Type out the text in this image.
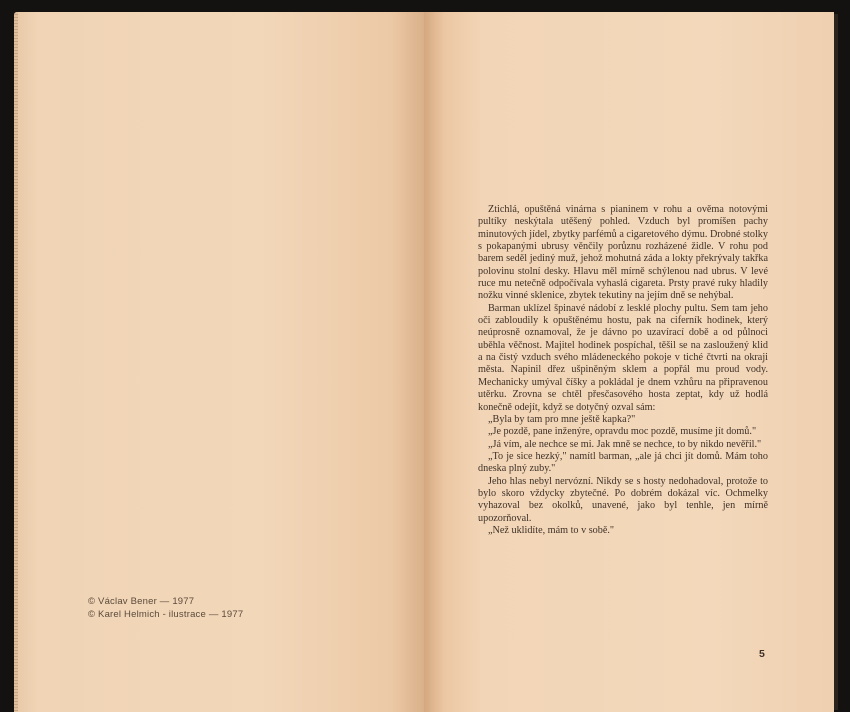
© Václav Bener — 1977
© Karel Helmich - ilustrace — 1977

Ztichlá, opuštěná vinárna s pianinem v rohu a ověma notovými pultíky neskýtala utěšený pohled. Vzduch byl promíšen pachy minutových jídel, zbytky parfémů a cigaretového dýmu. Drobné stolky s pokapanými ubrusy věnčily porůznu rozházené židle. V rohu pod barem seděl jediný muž, jehož mohutná záda a lokty překrývaly takřka polovinu stolní desky. Hlavu měl mírně schýlenou nad ubrus. V levé ruce mu netečně odpočívala vyhaslá cigareta. Prsty pravé ruky hladily nožku vinné sklenice, zbytek tekutiny na jejím dně se nehýbal.

Barman uklízel špinavé nádobí z lesklé plochy pultu. Sem tam jeho oči zabloudily k opuštěnému hostu, pak na ciferník hodinek, který neúprosně oznamoval, že je dávno po uzavírací době a od půlnoci uběhla věčnost. Majitel hodinek pospíchal, těšil se na zasloužený klid a na čistý vzduch svého mládeneckého pokoje v tiché čtvrti na okraji města. Napinil dřez ušpiněným sklem a popřál mu proud vody. Mechanicky umýval číšky a pokládal je dnem vzhůru na připravenou utěrku. Zrovna se chtěl přesčasového hosta zeptat, kdy už hodlá konečně odejít, když se dotyčný ozval sám:

„Byla by tam pro mne ještě kapka?"

„Je pozdě, pane inženýre, opravdu moc pozdě, musíme jít domů."

„Já vím, ale nechce se mi. Jak mně se nechce, to by nikdo nevěřil."

„To je sice hezký," namítl barman, „ale já chci jít domů. Mám toho dneska plný zuby."

Jeho hlas nebyl nervózní. Nikdy se s hosty nedohadoval, protože to bylo skoro vždycky zbytečné. Po dobrém dokázal víc. Ochmelky vyhazoval bez okolků, unavené, jako byl tenhle, jen mírně upozorňoval.

„Než uklidíte, mám to v sobě."

5
